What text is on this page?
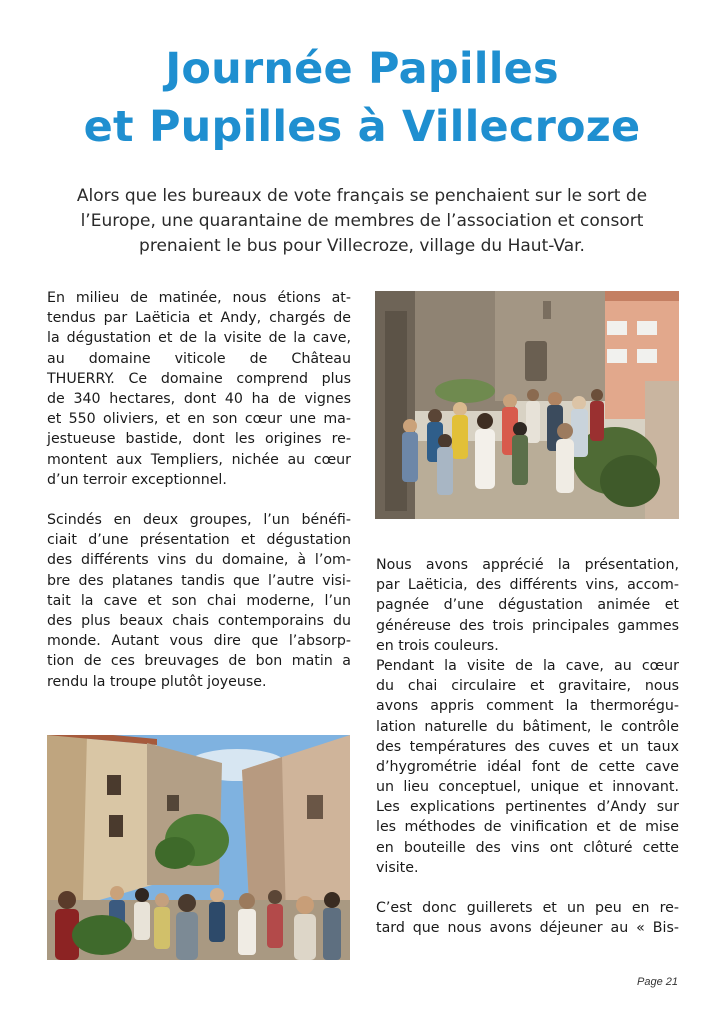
Journée Papilles
et Pupilles à Villecroze
Alors que les bureaux de vote français se penchaient sur le sort de
l’Europe, une quarantaine de membres de l’association et consort
prenaient le bus pour Villecroze, village du Haut-Var.
En milieu de matinée, nous étions at-
tendus par Laëticia et Andy, chargés de
la dégustation et de la visite de la cave,
au domaine viticole de Château
THUERRY. Ce domaine comprend plus
de 340 hectares, dont 40 ha de vignes
et 550 oliviers, et en son cœur une ma-
jestueuse bastide, dont les origines re-
montent aux Templiers, nichée au cœur
d’un terroir exceptionnel.
Scindés en deux groupes, l’un bénéfi-
ciait d’une présentation et dégustation
des différents vins du domaine, à l’om-
bre des platanes tandis que l’autre visi-
tait la cave et son chai moderne, l’un
des plus beaux chais contemporains du
monde. Autant vous dire que l’absorp-
tion de ces breuvages de bon matin a
rendu la troupe plutôt joyeuse.
Nous avons apprécié la présentation,
par Laëticia, des différents vins, accom-
pagnée d’une dégustation animée et
généreuse des trois principales gammes
en trois couleurs.
Pendant la visite de la cave, au cœur
du chai circulaire et gravitaire, nous
avons appris comment la thermorégu-
lation naturelle du bâtiment, le contrôle
des températures des cuves et un taux
d’hygrométrie idéal font de cette cave
un lieu conceptuel, unique et innovant.
Les explications pertinentes d’Andy sur
les méthodes de vinification et de mise
en bouteille des vins ont clôturé cette
visite.
C’est donc guillerets et un peu en re-
tard que nous avons déjeuner au « Bis-
Page 21
